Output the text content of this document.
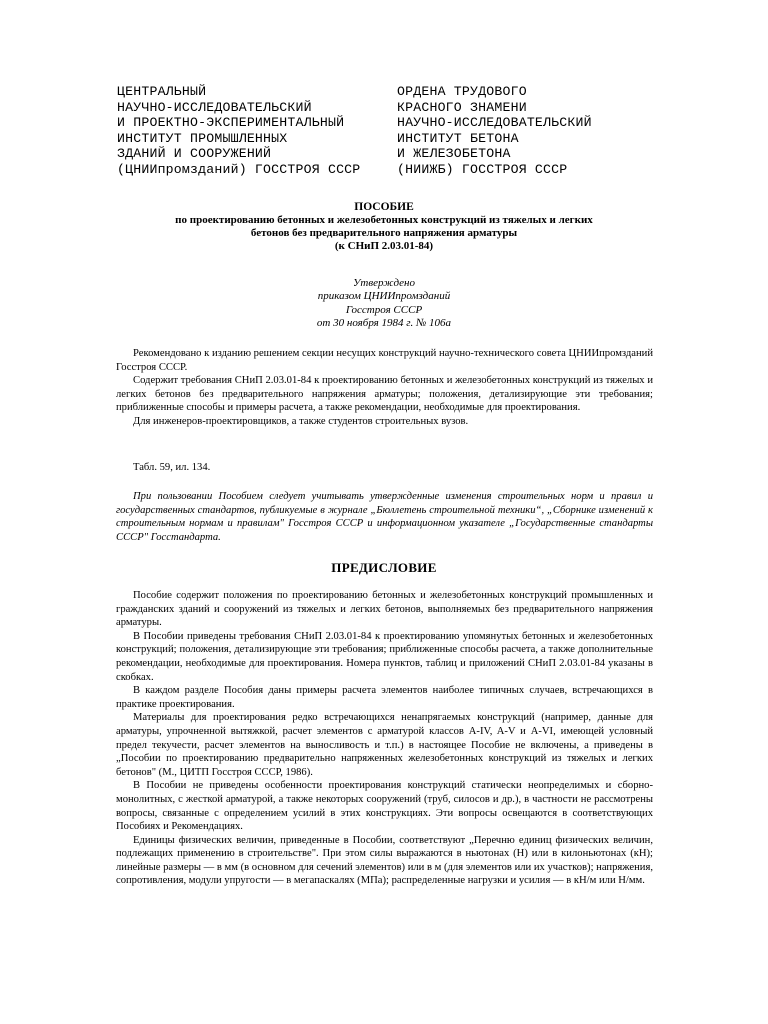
ЦЕНТРАЛЬНЫЙ
НАУЧНО-ИССЛЕДОВАТЕЛЬСКИЙ
И ПРОЕКТНО-ЭКСПЕРИМЕНТАЛЬНЫЙ
ИНСТИТУТ ПРОМЫШЛЕННЫХ
ЗДАНИЙ И СООРУЖЕНИЙ
(ЦНИИпромзданий) ГОССТРОЯ СССР
ОРДЕНА ТРУДОВОГО
КРАСНОГО ЗНАМЕНИ
НАУЧНО-ИССЛЕДОВАТЕЛЬСКИЙ
ИНСТИТУТ БЕТОНА
И ЖЕЛЕЗОБЕТОНА
(НИИЖБ) ГОССТРОЯ СССР
ПОСОБИЕ
по проектированию бетонных и железобетонных конструкций из тяжелых и легких
бетонов без предварительного напряжения арматуры
(к СНиП 2.03.01-84)
Утверждено
приказом ЦНИИпромзданий
Госстроя СССР
от 30 ноября 1984 г. № 106а

Рекомендовано к изданию решением секции несущих конструкций научно-технического совета ЦНИИпромзданий Госстроя СССР.

Содержит требования СНиП 2.03.01-84 к проектированию бетонных и железобетонных конструкций из тяжелых и легких бетонов без предварительного напряжения арматуры; положения, детализирующие эти требования; приближенные способы и примеры расчета, а также рекомендации, необходимые для проектирования.

Для инженеров-проектировщиков, а также студентов строительных вузов.

Табл. 59, ил. 134.

При пользовании Пособием следует учитывать утвержденные изменения строительных норм и правил и государственных стандартов, публикуемые в журнале „Бюллетень строительной техники“, „Сборнике изменений к строительным нормам и правилам" Госстроя СССР и информационном указателе „Государственные стандарты СССР" Госстандарта.

ПРЕДИСЛОВИЕ

Пособие содержит положения по проектированию бетонных и железобетонных конструкций промышленных и гражданских зданий и сооружений из тяжелых и легких бетонов, выполняемых без предварительного напряжения арматуры.

В Пособии приведены требования СНиП 2.03.01-84 к проектированию упомянутых бетонных и железобетонных конструкций; положения, детализирующие эти требования; приближенные способы расчета, а также дополнительные рекомендации, необходимые для проектирования. Номера пунктов, таблиц и приложений СНиП 2.03.01-84 указаны в скобках.

В каждом разделе Пособия даны примеры расчета элементов наиболее типичных случаев, встречающихся в практике проектирования.

Материалы для проектирования редко встречающихся ненапрягаемых конструкций (например, данные для арматуры, упрочненной вытяжкой, расчет элементов с арматурой классов A-IV, A-V и A-VI, имеющей условный предел текучести, расчет элементов на выносливость и т.п.) в настоящее Пособие не включены, а приведены в „Пособии по проектированию предварительно напряженных железобетонных конструкций из тяжелых и легких бетонов" (М., ЦИТП Госстроя СССР, 1986).

В Пособии не приведены особенности проектирования конструкций статически неопределимых и сборно-монолитных, с жесткой арматурой, а также некоторых сооружений (труб, силосов и др.), в частности не рассмотрены вопросы, связанные с определением усилий в этих конструкциях. Эти вопросы освещаются в соответствующих Пособиях и Рекомендациях.

Единицы физических величин, приведенные в Пособии, соответствуют „Перечню единиц физических величин, подлежащих применению в строительстве". При этом силы выражаются в ньютонах (Н) или в килоньютонах (кН); линейные размеры — в мм (в основном для сечений элементов) или в м (для элементов или их участков); напряжения, сопротивления, модули упругости — в мегапаскалях (МПа); распределенные нагрузки и усилия — в кН/м или Н/мм.
